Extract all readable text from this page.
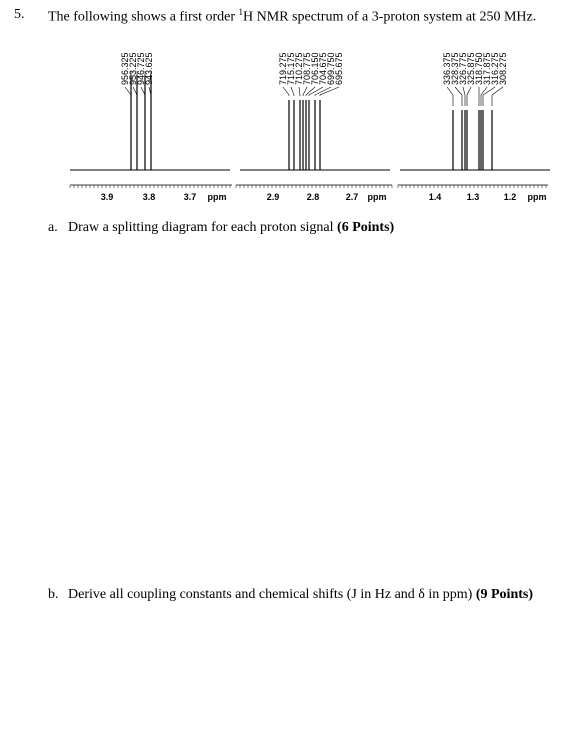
5. The following shows a first order $^1$H NMR spectrum of a 3-proton system at 250 MHz.
956.325
953.225
946.725
943.625
3.9	3.8	3.7 ppm
719.275
715.175
710.275
708.775
706.150
704.675
699.750
695.675
2.9	2.8	2.7 ppm
336.375
328.375
326.775
325.875
318.750
317.875
316.275
308.275
1.4	1.3	1.2 ppm
a. Draw a splitting diagram for each proton signal (6 Points)
b. Derive all coupling constants and chemical shifts (J in Hz and δ in ppm) (9 Points)
